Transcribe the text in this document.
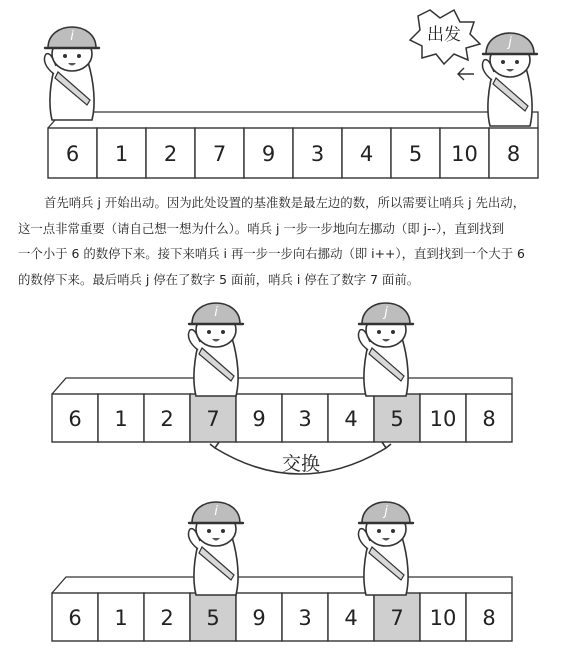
6 1 2 7 9 3 4 5 10 8
i	j
出发
6 1 2 7 9 3 4 5 10 8
i	j
交换
6 1 2 5 9 3 4 7 10 8
i	j
首先哨兵 j 开始出动。因为此处设置的基准数是最左边的数，所以需要让哨兵 j 先出动，
这一点非常重要（请自己想一想为什么）。哨兵 j 一步一步地向左挪动（即 j--），直到找到
一个小于 6 的数停下来。接下来哨兵 i 再一步一步向右挪动（即 i++），直到找到一个大于 6
的数停下来。最后哨兵 j 停在了数字 5 面前，哨兵 i 停在了数字 7 面前。
